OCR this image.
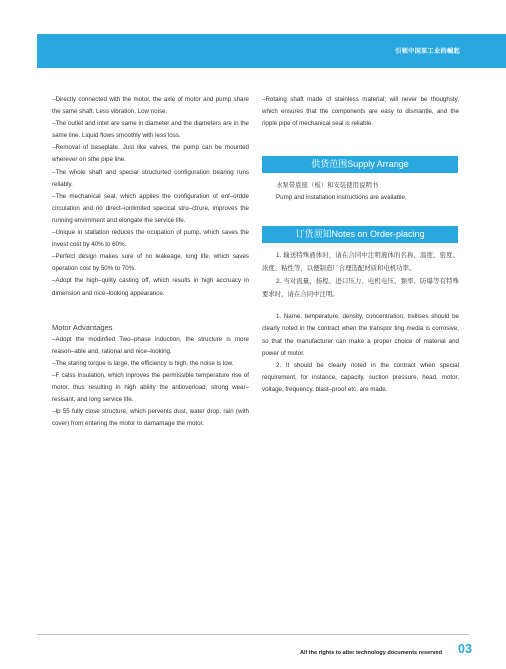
引领中国泵工业的崛起

–Directly connected with the motor, the axle of motor and pump share the same shaft. Less vibration, Low noise.

–The outlet and intet are same in diameter and the diameters are in the same line. Liquid flows smoothly with less loss.

–Removal of baseplate. Just like valves, the pump can be mounted wherever on sthe pipe line.

–The whole shaft and special structurted configuration bearing runs reliably.

–The mechanical seal, which applies the configuration of enf–ordde circulation and no direct–ionlimited specical stru–ctrure, improves the running envirnment and elongate the service life.

–Unique in stallation reduces the ocupation of pump, which saves the invest cost by 40% to 60%.

–Perfect design makes sure of no leakeage, long life, which saves operation cost by 50% to 70%.

–Adopt the high–qulity casting off, which results in high accruacy in dimension and nice–looking appearance.

Motor Advantages

–Adopt the modinfied Two–phase induction, the structure is more reason–able and, rational and nice–looking.

–The staring torque is large, the efficiency is high, the noise is low.

–F calss insulation, which inproves the permissible temperature rise of motor, thus resulting in high ability the antioverload, strong wear–resisant, and long service life.

–Ip 55 fully close structure, which pervents dust, water drop, rain (with cover) from entering the motor to damamage the motor.

–Rotaing shaft made of stainless material; will never be thoughsty, which ensures that the components are easy to dismantle, and the ripple pipe of mechanical seal is reliable.

供货范围Supply Arrange

水泵带底座（板）和安装使用说明书

Pump and installation instructions are available.

订货须知Notes on Order-placing

1. 输送特殊液体时，请在合同中注明液体的名称、温度、密度、浓度、粘性等，以便制造厂合理选配材质和电机功率。

2. 当对流量、扬程、进口压力、电机电压、频率、防爆等有特殊要求时，请在合同中注明。

1. Name, temperature, density, concentration, trellises should be clearly noted in the contract when the transpor ting media is corrosive, so that the manufacturer can make a proper choice of material and power of motor.

2. It should be clearly noted in the contract when special requirement, for instance, capacity, suction pressure, head, motor, voltage, frequency, blast–proof etc, are made.

All the rights to alter technology documents reserved 03
